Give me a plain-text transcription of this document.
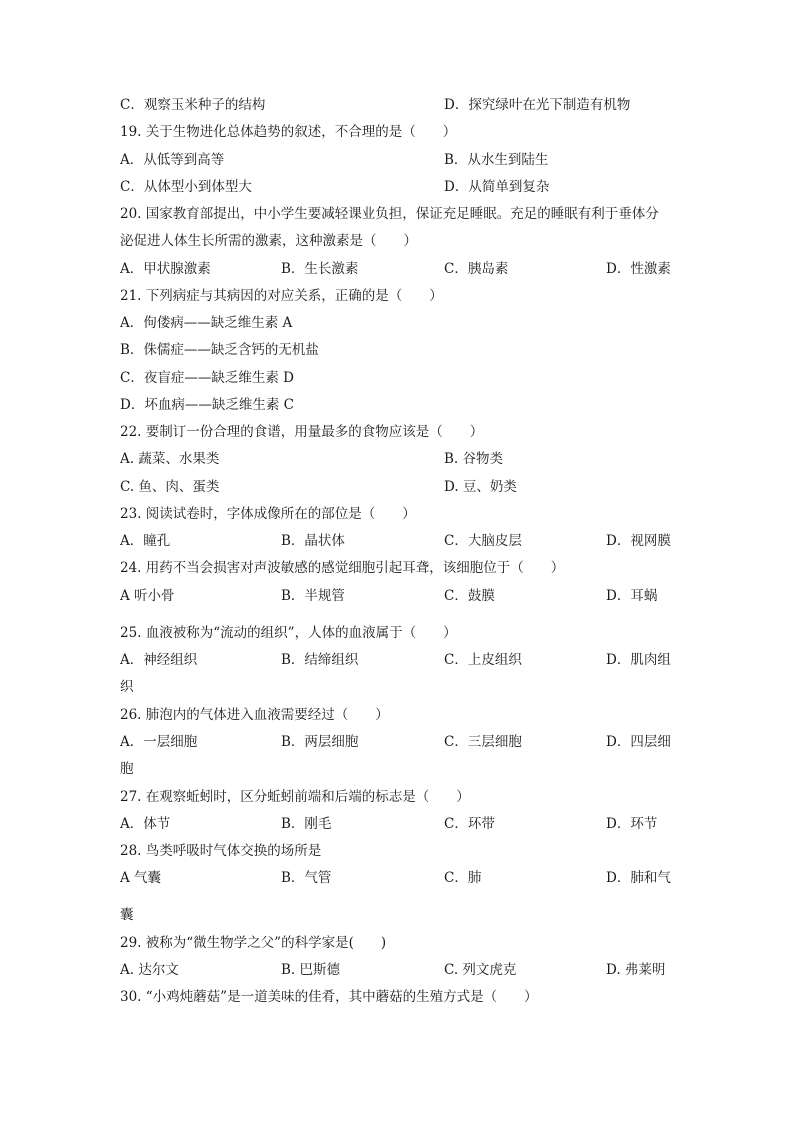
C．观察玉米种子的结构	D．探究绿叶在光下制造有机物
19. 关于生物进化总体趋势的叙述，不合理的是（　　）
A．从低等到高等	B．从水生到陆生
C．从体型小到体型大	D．从简单到复杂
20. 国家教育部提出，中小学生要减轻课业负担，保证充足睡眠。充足的睡眠有利于垂体分
泌促进人体生长所需的激素，这种激素是（　　）
A．甲状腺激素	B．生长激素	C．胰岛素	D．性激素
21. 下列病症与其病因的对应关系，正确的是（　　）
A．佝偻病——缺乏维生素 A
B．侏儒症——缺乏含钙的无机盐
C．夜盲症——缺乏维生素 D
D．坏血病——缺乏维生素 C
22. 要制订一份合理的食谱，用量最多的食物应该是（　　）
A. 蔬菜、水果类	B. 谷物类
C. 鱼、肉、蛋类	D. 豆、奶类
23. 阅读试卷时，字体成像所在的部位是（　　）
A．瞳孔	B．晶状体	C．大脑皮层	D．视网膜
24. 用药不当会损害对声波敏感的感觉细胞引起耳聋，该细胞位于（　　）
A 听小骨	B．半规管	C．鼓膜	D．耳蜗
25. 血液被称为“流动的组织”，人体的血液属于（　　）
A．神经组织	B．结缔组织	C．上皮组织	D．肌肉组
织
26. 肺泡内的气体进入血液需要经过（　　）
A．一层细胞	B．两层细胞	C．三层细胞	D．四层细
胞
27. 在观察蚯蚓时，区分蚯蚓前端和后端的标志是（　　）
A．体节	B．刚毛	C．环带	D．环节
28. 鸟类呼吸时气体交换的场所是
A 气囊	B．气管	C．肺	D．肺和气
囊
29. 被称为“微生物学之父”的科学家是(　　)
A. 达尔文	B. 巴斯德	C. 列文虎克	D. 弗莱明
30. “小鸡炖蘑菇”是一道美味的佳肴，其中蘑菇的生殖方式是（　　）
